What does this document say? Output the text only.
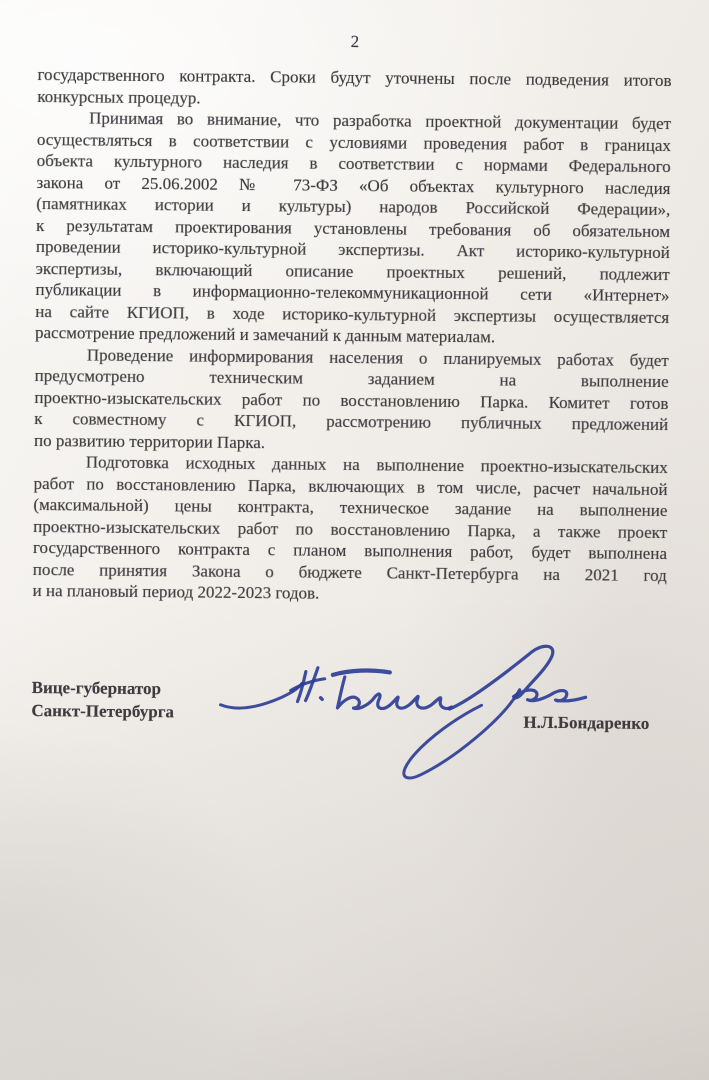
2
государственного контракта. Сроки будут уточнены после подведения итогов
конкурсных процедур.
Принимая во внимание, что разработка проектной документации будет
осуществляться в соответствии с условиями проведения работ в границах
объекта культурного наследия в соответствии с нормами Федерального
закона от 25.06.2002 № 73-ФЗ «Об объектах культурного наследия
(памятниках истории и культуры) народов Российской Федерации»,
к результатам проектирования установлены требования об обязательном
проведении историко-культурной экспертизы. Акт историко-культурной
экспертизы, включающий описание проектных решений, подлежит
публикации в информационно-телекоммуникационной сети «Интернет»
на сайте КГИОП, в ходе историко-культурной экспертизы осуществляется
рассмотрение предложений и замечаний к данным материалам.
Проведение информирования населения о планируемых работах будет
предусмотрено техническим заданием на выполнение
проектно-изыскательских работ по восстановлению Парка. Комитет готов
к совместному с КГИОП, рассмотрению публичных предложений
по развитию территории Парка.
Подготовка исходных данных на выполнение проектно-изыскательских
работ по восстановлению Парка, включающих в том числе, расчет начальной
(максимальной) цены контракта, техническое задание на выполнение
проектно-изыскательских работ по восстановлению Парка, а также проект
государственного контракта с планом выполнения работ, будет выполнена
после принятия Закона о бюджете Санкт-Петербурга на 2021 год
и на плановый период 2022-2023 годов.
Вице-губернатор
Санкт-Петербурга
Н.Л.Бондаренко
